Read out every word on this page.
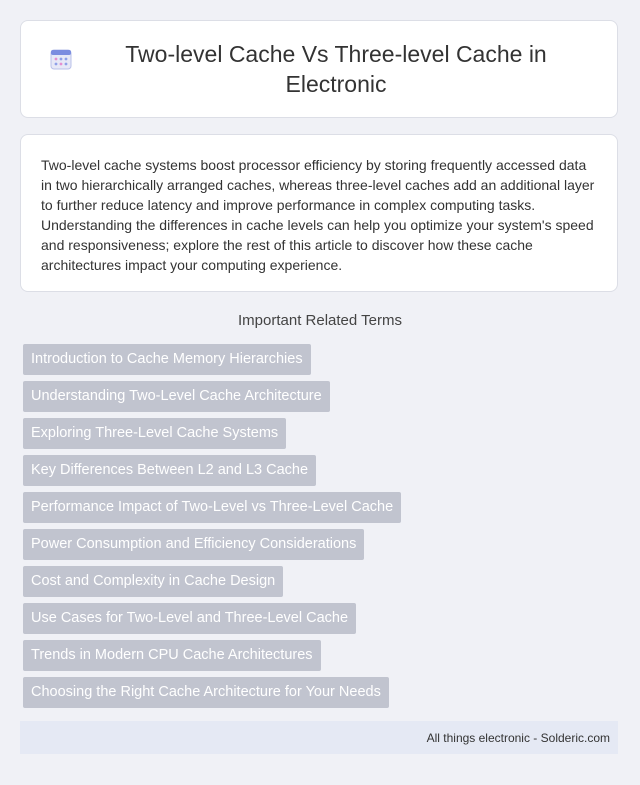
Two-level Cache Vs Three-level Cache in Electronic

Two-level cache systems boost processor efficiency by storing frequently accessed data in two hierarchically arranged caches, whereas three-level caches add an additional layer to further reduce latency and improve performance in complex computing tasks. Understanding the differences in cache levels can help you optimize your system's speed and responsiveness; explore the rest of this article to discover how these cache architectures impact your computing experience.

Important Related Terms
Introduction to Cache Memory Hierarchies
Understanding Two-Level Cache Architecture
Exploring Three-Level Cache Systems
Key Differences Between L2 and L3 Cache
Performance Impact of Two-Level vs Three-Level Cache
Power Consumption and Efficiency Considerations
Cost and Complexity in Cache Design
Use Cases for Two-Level and Three-Level Cache
Trends in Modern CPU Cache Architectures
Choosing the Right Cache Architecture for Your Needs
All things electronic - Solderic.com
